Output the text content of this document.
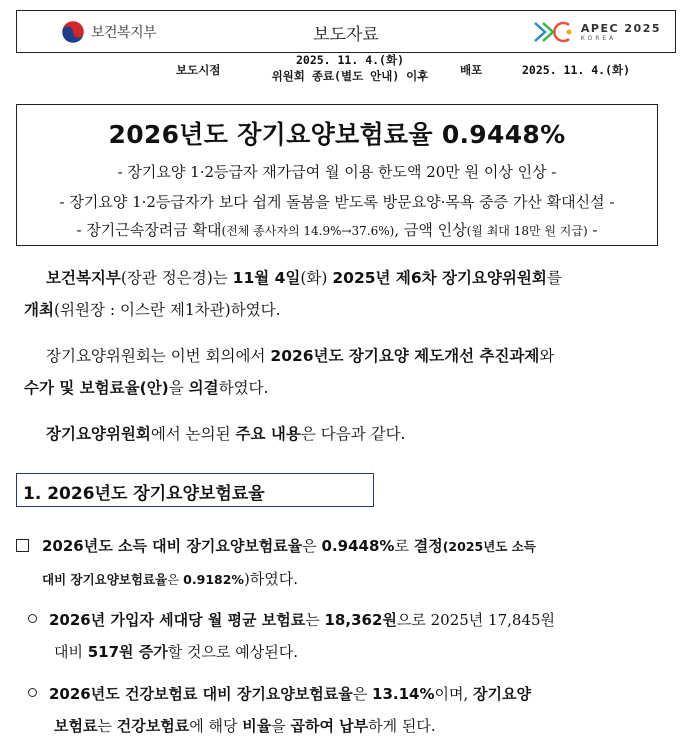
보건복지부	보도자료	APEC 2025
KOREA
보도시점
2025. 11. 4.(화)
위원회 종료(별도 안내) 이후	배포	2025. 11. 4.(화)
2026년도 장기요양보험료율 0.9448%
- 장기요양 1·2등급자 재가급여 월 이용 한도액 20만 원 이상 인상 -
- 장기요양 1·2등급자가 보다 쉽게 돌봄을 받도록 방문요양·목욕 중증 가산 확대신설 -
- 장기근속장려금 확대(전체 종사자의 14.9%→37.6%), 금액 인상(월 최대 18만 원 지급) -
보건복지부(장관 정은경)는 11월 4일(화) 2025년 제6차 장기요양위원회를
개최(위원장 : 이스란 제1차관)하였다.
장기요양위원회는 이번 회의에서 2026년도 장기요양 제도개선 추진과제와
수가 및 보험료율(안)을 의결하였다.
장기요양위원회에서 논의된 주요 내용은 다음과 같다.
1. 2026년도 장기요양보험료율
2026년도 소득 대비 장기요양보험료율은 0.9448%로 결정(2025년도 소득
대비 장기요양보험료율은 0.9182%)하였다.
2026년 가입자 세대당 월 평균 보험료는 18,362원으로 2025년 17,845원
대비 517원 증가할 것으로 예상된다.
2026년도 건강보험료 대비 장기요양보험료율은 13.14%이며, 장기요양
보험료는 건강보험료에 해당 비율을 곱하여 납부하게 된다.
